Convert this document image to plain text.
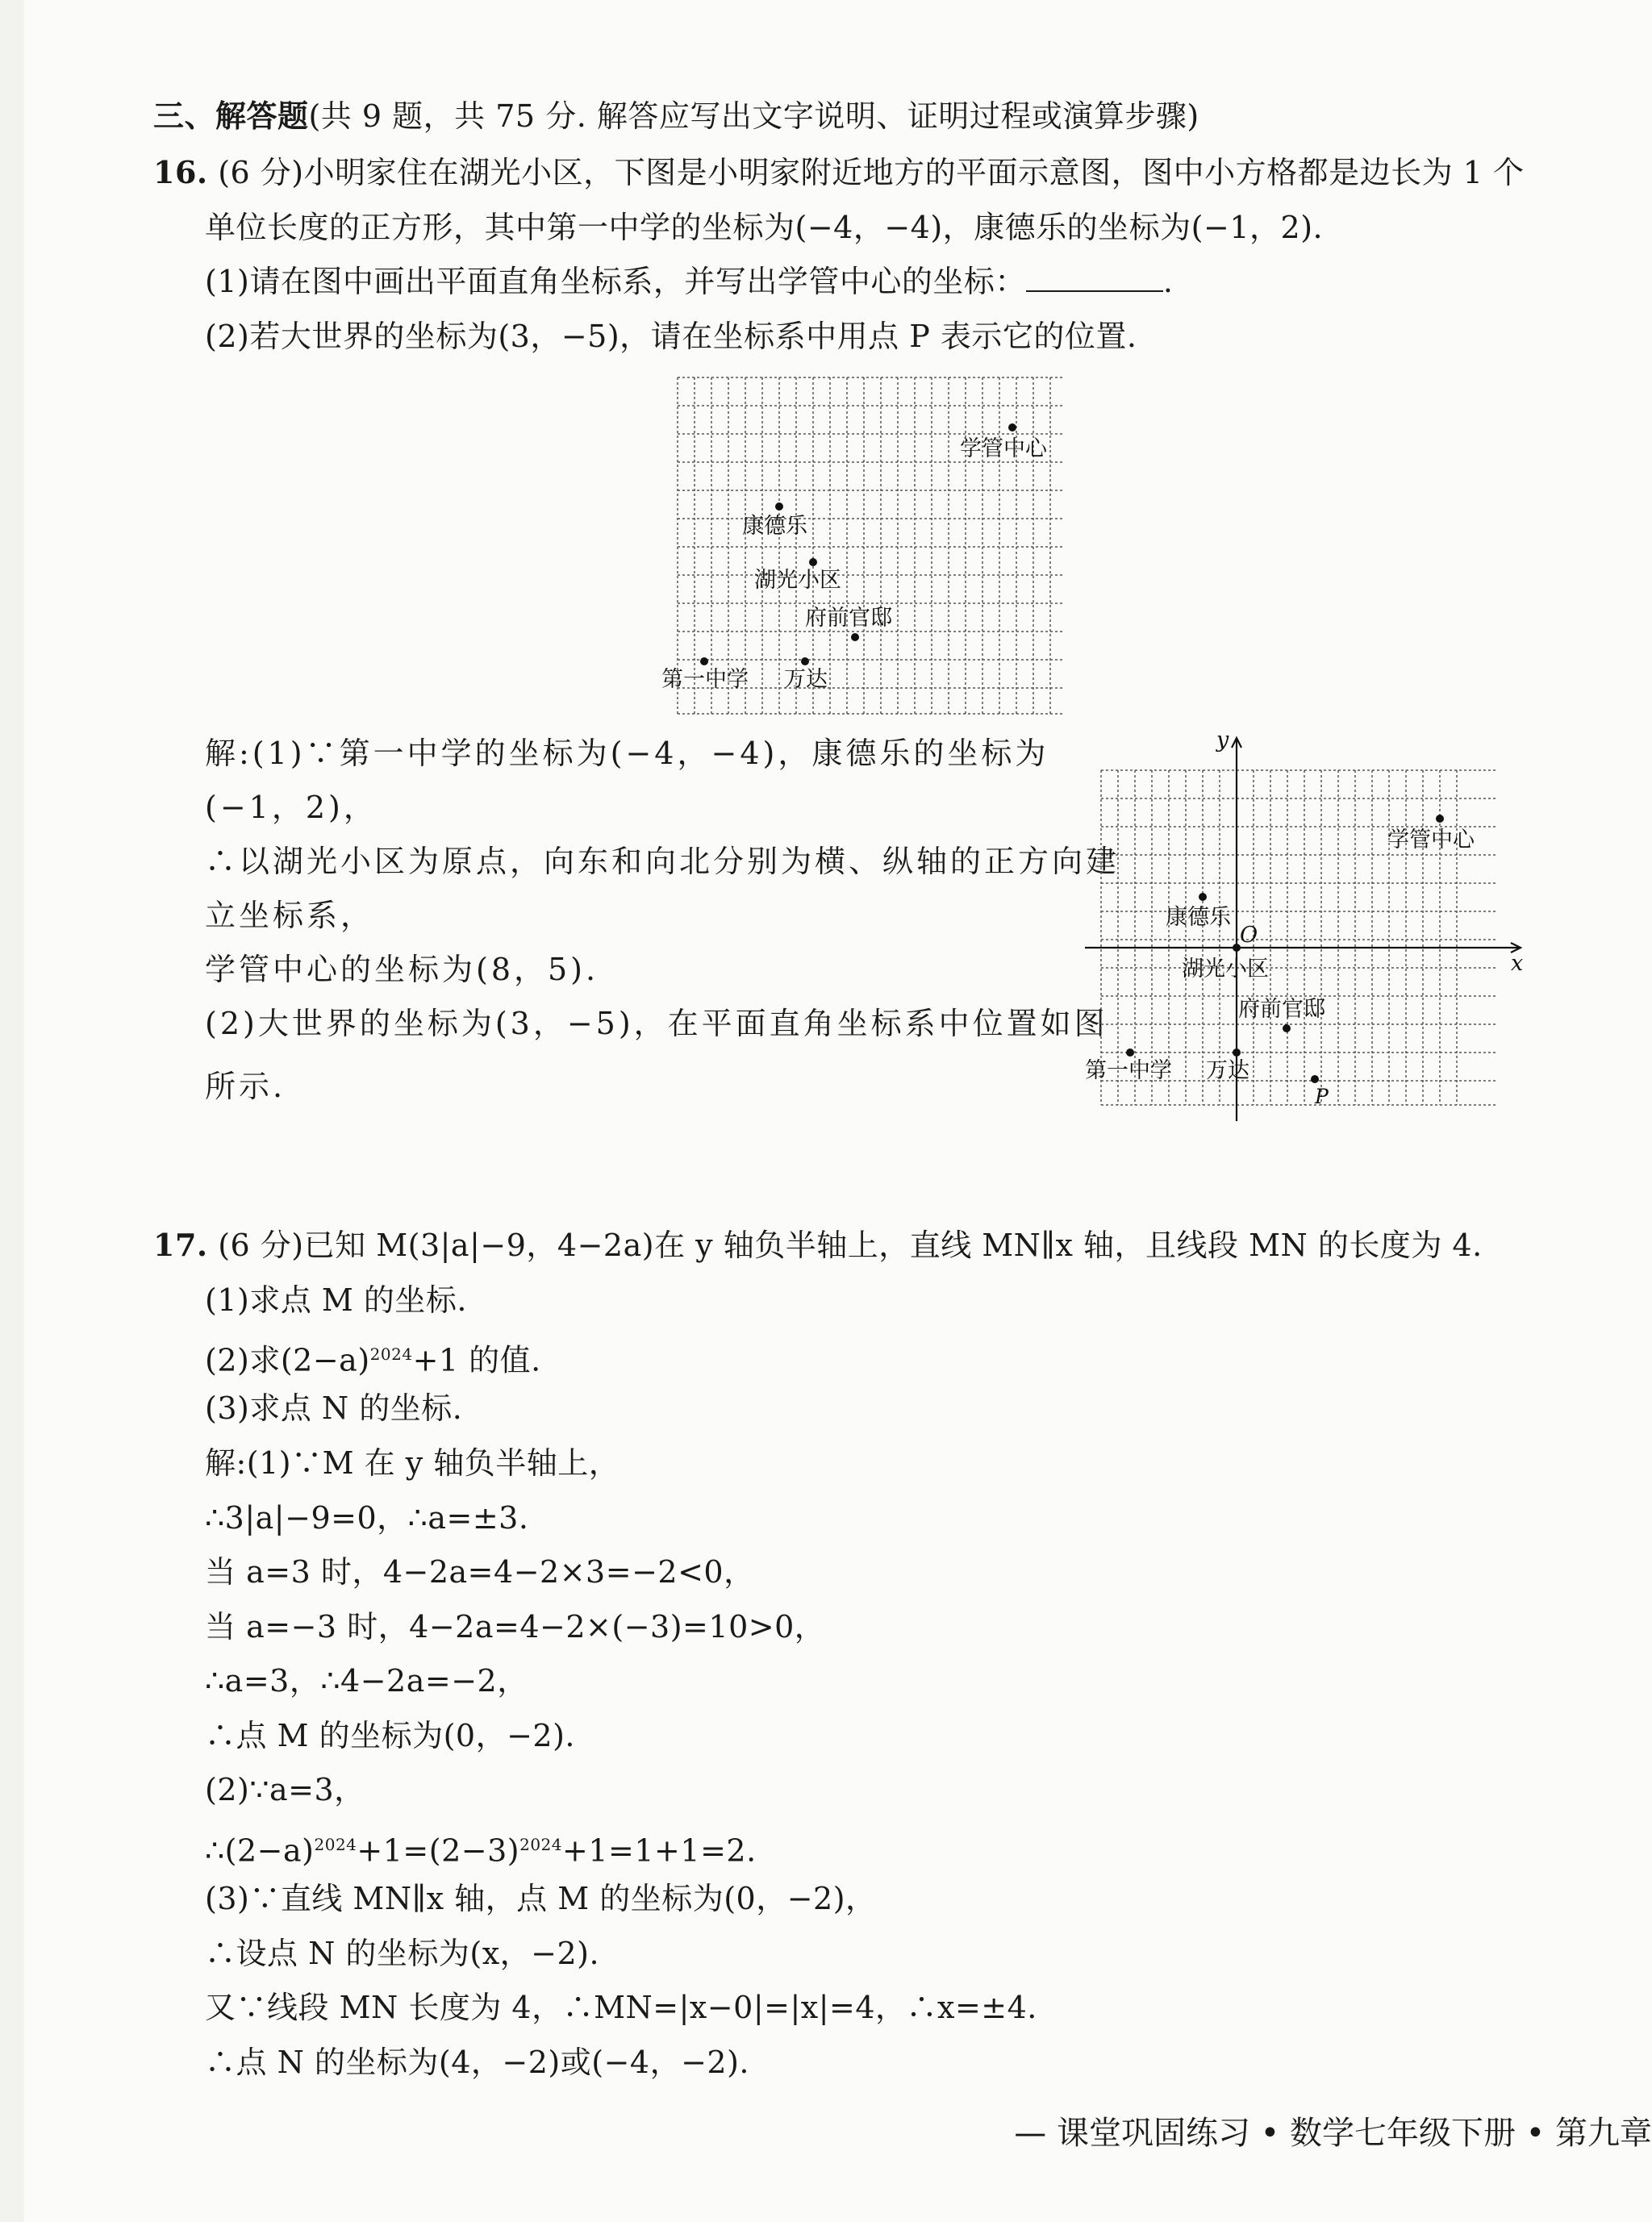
三、解答题(共 9 题，共 75 分. 解答应写出文字说明、证明过程或演算步骤)
16. (6 分)小明家住在湖光小区，下图是小明家附近地方的平面示意图，图中小方格都是边长为 1 个
单位长度的正方形，其中第一中学的坐标为(−4，−4)，康德乐的坐标为(−1，2).
(1)请在图中画出平面直角坐标系，并写出学管中心的坐标：	.
(2)若大世界的坐标为(3，−5)，请在坐标系中用点 P 表示它的位置.
学管中心
康德乐
湖光小区
府前官邸
第一中学 万达
解:(1)∵第一中学的坐标为(−4，−4)，康德乐的坐标为
(−1，2)，
∴以湖光小区为原点，向东和向北分别为横、纵轴的正方向建
立坐标系，
学管中心的坐标为(8，5).
(2)大世界的坐标为(3，−5)，在平面直角坐标系中位置如图
所示.
学管中心
康德乐
湖光小区
府前官邸
第一中学 万达
O
x
y
P
17. (6 分)已知 M(3|a|−9，4−2a)在 y 轴负半轴上，直线 MN∥x 轴，且线段 MN 的长度为 4.
(1)求点 M 的坐标.
(2)求$(2-a)^{2024}+1$ 的值.
(3)求点 N 的坐标.
解:(1)∵M 在 y 轴负半轴上，
∴3|a|−9=0，∴a=±3.
当 a=3 时，4−2a=4−2×3=−2<0，
当 a=−3 时，4−2a=4−2×(−3)=10>0，
∴a=3，∴4−2a=−2，
∴点 M 的坐标为(0，−2).
(2)∵a=3，
$\therefore(2-a)^{2024}+1=(2-3)^{2024}+1=1+1=2$.
(3)∵直线 MN∥x 轴，点 M 的坐标为(0，−2)，
∴设点 N 的坐标为(x，−2).
又∵线段 MN 长度为 4，∴MN=|x−0|=|x|=4，∴x=±4.
∴点 N 的坐标为(4，−2)或(−4，−2).
— 课堂巩固练习 • 数学七年级下册 • 第九章
